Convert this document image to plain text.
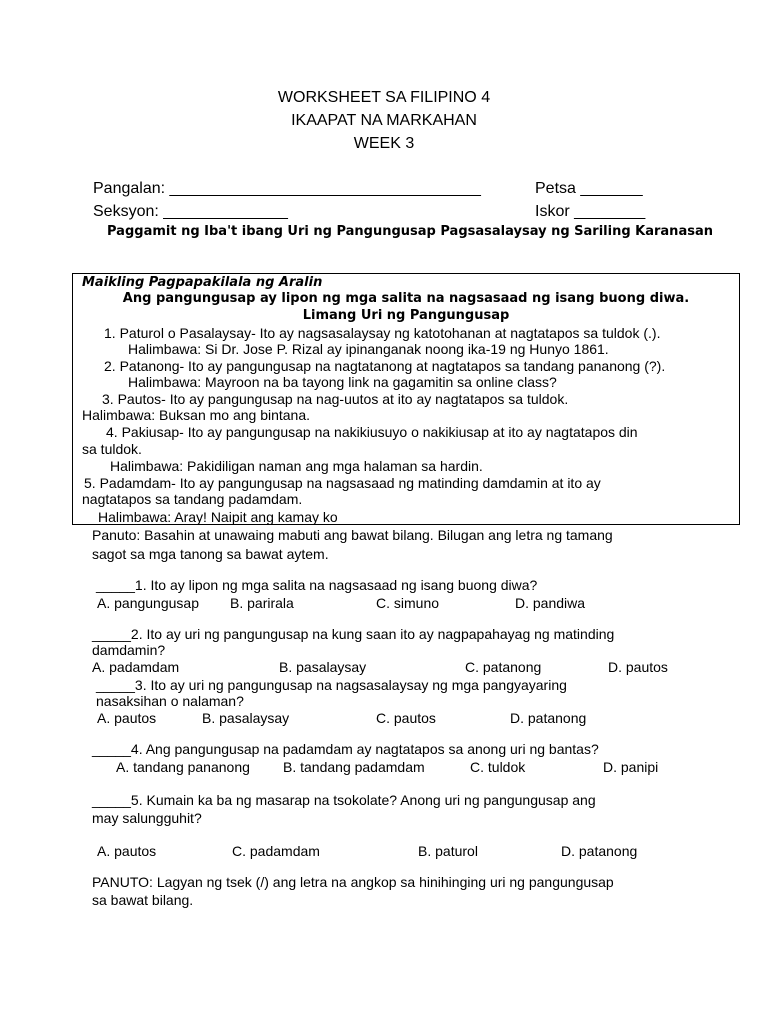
WORKSHEET SA FILIPINO 4
IKAAPAT NA MARKAHAN
WEEK 3
Pangalan: ___________________________________	Petsa _______
Seksyon: ______________	Iskor ________
Paggamit ng Iba't ibang Uri ng Pangungusap Pagsasalaysay ng Sariling Karanasan
Maikling Pagpapakilala ng Aralin
Ang pangungusap ay lipon ng mga salita na nagsasaad ng isang buong diwa.
Limang Uri ng Pangungusap
1. Paturol o Pasalaysay- Ito ay nagsasalaysay ng katotohanan at nagtatapos sa tuldok (.).
Halimbawa: Si Dr. Jose P. Rizal ay ipinanganak noong ika-19 ng Hunyo 1861.
2. Patanong- Ito ay pangungusap na nagtatanong at nagtatapos sa tandang pananong (?).
Halimbawa: Mayroon na ba tayong link na gagamitin sa online class?
3. Pautos- Ito ay pangungusap na nag-uutos at ito ay nagtatapos sa tuldok.
Halimbawa: Buksan mo ang bintana.
4. Pakiusap- Ito ay pangungusap na nakikiusuyo o nakikiusap at ito ay nagtatapos din
sa tuldok.
Halimbawa: Pakidiligan naman ang mga halaman sa hardin.
5. Padamdam- Ito ay pangungusap na nagsasaad ng matinding damdamin at ito ay
nagtatapos sa tandang padamdam.
Halimbawa: Aray! Naipit ang kamay ko
Panuto: Basahin at unawaing mabuti ang bawat bilang. Bilugan ang letra ng tamang
sagot sa mga tanong sa bawat aytem.
_____1. Ito ay lipon ng mga salita na nagsasaad ng isang buong diwa?
A. pangungusap B. parirala	C. simuno	D. pandiwa
_____2. Ito ay uri ng pangungusap na kung saan ito ay nagpapahayag ng matinding
damdamin?
A. padamdam	B. pasalaysay	C. patanong	D. pautos
_____3. Ito ay uri ng pangungusap na nagsasalaysay ng mga pangyayaring
nasaksihan o nalaman?
A. pautos	B. pasalaysay	C. pautos	D. patanong
_____4. Ang pangungusap na padamdam ay nagtatapos sa anong uri ng bantas?
A. tandang pananong B. tandang padamdam	C. tuldok	D. panipi
_____5. Kumain ka ba ng masarap na tsokolate? Anong uri ng pangungusap ang
may salungguhit?
A. pautos	C. padamdam	B. paturol	D. patanong
PANUTO: Lagyan ng tsek (/) ang letra na angkop sa hinihinging uri ng pangungusap
sa bawat bilang.
